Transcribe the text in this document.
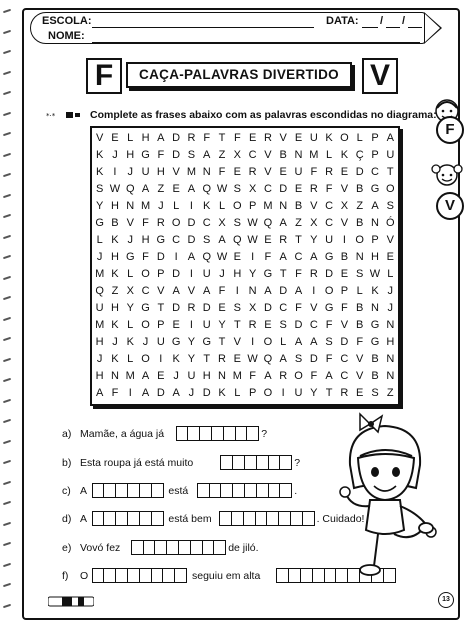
ESCOLA:	DATA: / /
NOME:
F	CAÇA-PALAVRAS DIVERTIDO	V
F
V
*·*	Complete as frases abaixo com as palavras escondidas no diagrama:
V E L H A D R F T F E R V E U K O L P A
K J H G F D S A Z X C V B N M L K Ç P U
K I	J U H V M N F E R V E U F R E D C T
S W Q A Z E A Q W S X C D E R F V B G O
Y H N M J L I K L O P M N B V C X Z A S
G B V F R O D C X S W Q A Z X C V B N Ó
L K J H G C D S A Q W E R T Y U I O P V
J H G F D I A Q W E I F A C A G B N H E
M K L O P D I U J H Y G T F R D E S W L
Q Z X C V A V A F I N A D A I O P L K J
U H Y G T D R D E S X D C F V G F B N J
M K L O P E I U Y T R E S D C F V B G N
H J K J U G Y G T V I O L A A S D F G H
J K L O I K Y T R E W Q A S D F C V B N
H N M A E J U H N M F A R O F A C V B N
A F I A D A J D K L P O I U Y T R E S Z
a) Mamãe, a água já	?
b) Esta roupa já está muito	?
c) A	está	.
d) A	está bem	. Cuidado!
e) Vovó fez	de jiló.
f) O	seguiu em alta
13
